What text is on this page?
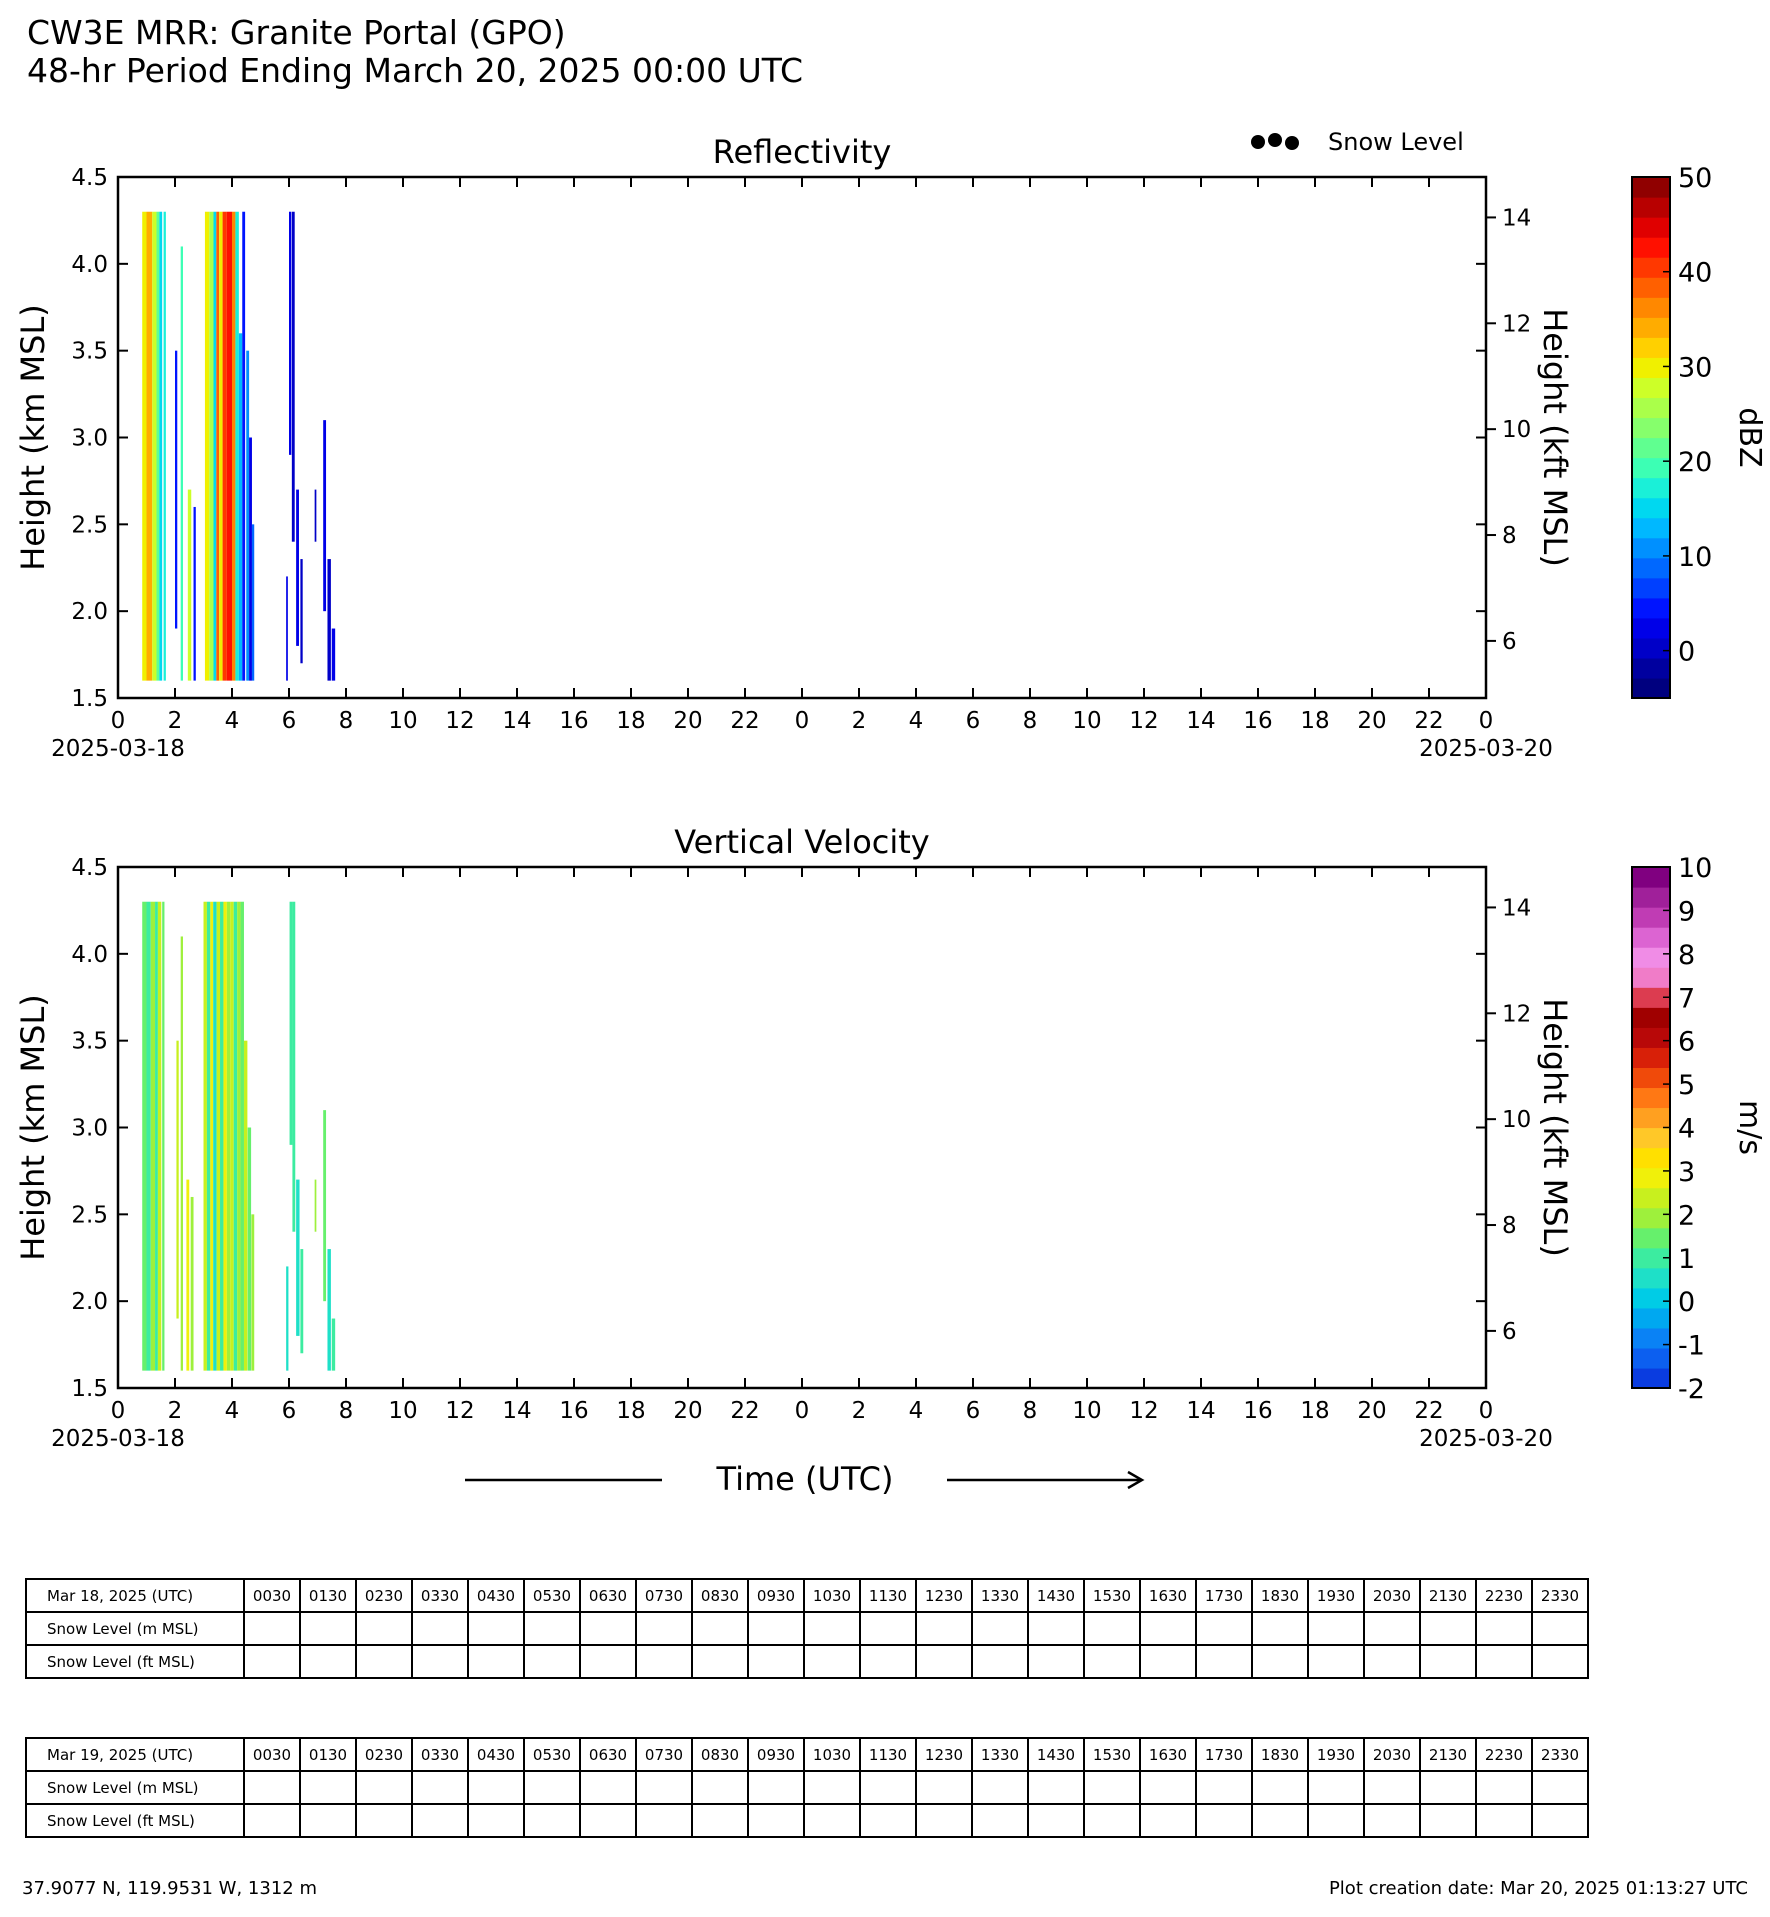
CW3E MRR: Granite Portal (GPO)
48-hr Period Ending March 20, 2025 00:00 UTC
Snow Level
Reflectivity
1.5
2.0
2.5
3.0
3.5
4.0
4.5
Height (km MSL)
6
8
10
12
14
Height (kft MSL)
0 2 4 6 8 10 12 14 16 18 20 22 0 2 4 6 8 10 12 14 16 18 20 22 0
2025-03-18	2025-03-20
0
10
20
30
40
50
dBZ
Vertical Velocity
1.5
2.0
2.5
3.0
3.5
4.0
4.5
Height (km MSL)
6
8
10
12
14
Height (kft MSL)
0 2 4 6 8 10 12 14 16 18 20 22 0 2 4 6 8 10 12 14 16 18 20 22 0
2025-03-18	2025-03-20
-2
-1
0
1
2
3
4
5
6
7
8
9
10
m/s
Time (UTC)
Mar 18, 2025 (UTC)	0030	0130	0230	0330	0430	0530	0630	0730	0830	0930	1030	1130	1230	1330	1430	1530	1630	1730	1830	1930	2030	2130	2230	2330
Snow Level (m MSL)																								
Snow Level (ft MSL)																								
Mar 19, 2025 (UTC)	0030	0130	0230	0330	0430	0530	0630	0730	0830	0930	1030	1130	1230	1330	1430	1530	1630	1730	1830	1930	2030	2130	2230	2330
Snow Level (m MSL)																								
Snow Level (ft MSL)																								
37.9077 N, 119.9531 W, 1312 m	Plot creation date: Mar 20, 2025 01:13:27 UTC
